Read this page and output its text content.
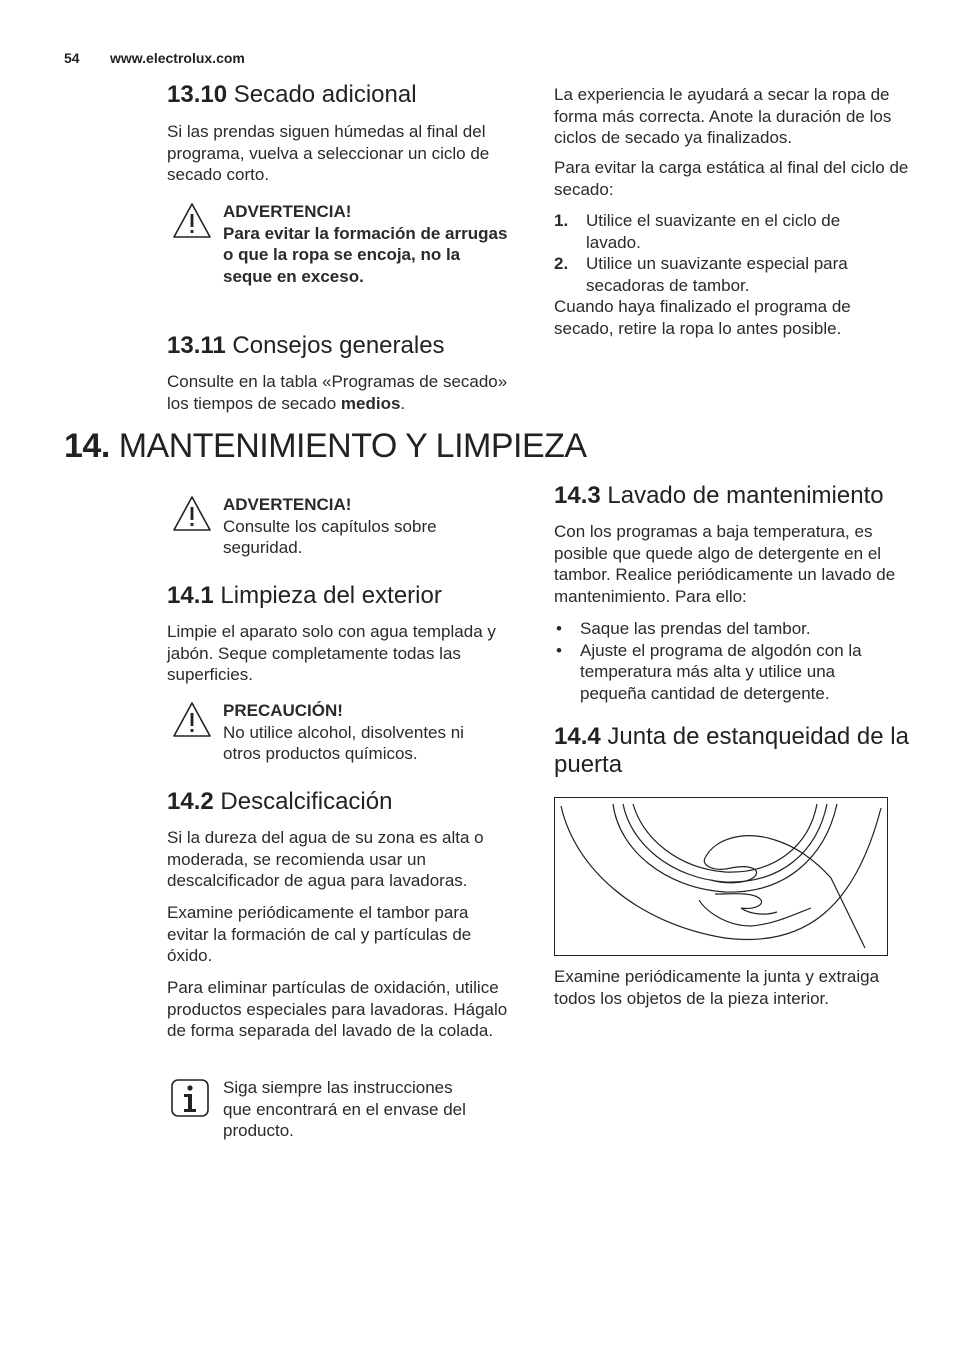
54 www.electrolux.com
13.10 Secado adicional

Si las prendas siguen húmedas al final del programa, vuelva a seleccionar un ciclo de secado corto.

ADVERTENCIA!
Para evitar la formación de arrugas o que la ropa se encoja, no la seque en exceso.
13.11 Consejos generales

Consulte en la tabla «Programas de secado» los tiempos de secado medios.

La experiencia le ayudará a secar la ropa de forma más correcta. Anote la duración de los ciclos de secado ya finalizados.

Para evitar la carga estática al final del ciclo de secado:

1. Utilice el suavizante en el ciclo de lavado.
2. Utilice un suavizante especial para secadoras de tambor.

Cuando haya finalizado el programa de secado, retire la ropa lo antes posible.

14. MANTENIMIENTO Y LIMPIEZA
ADVERTENCIA!
Consulte los capítulos sobre seguridad.
14.1 Limpieza del exterior

Limpie el aparato solo con agua templada y jabón. Seque completamente todas las superficies.

PRECAUCIÓN!
No utilice alcohol, disolventes ni otros productos químicos.
14.2 Descalcificación

Si la dureza del agua de su zona es alta o moderada, se recomienda usar un descalcificador de agua para lavadoras.

Examine periódicamente el tambor para evitar la formación de cal y partículas de óxido.

Para eliminar partículas de oxidación, utilice productos especiales para lavadoras. Hágalo de forma separada del lavado de la colada.

Siga siempre las instrucciones que encontrará en el envase del producto.

14.3 Lavado de mantenimiento

Con los programas a baja temperatura, es posible que quede algo de detergente en el tambor. Realice periódicamente un lavado de mantenimiento. Para ello:

• Saque las prendas del tambor.
• Ajuste el programa de algodón con la temperatura más alta y utilice una pequeña cantidad de detergente.
14.4 Junta de estanqueidad de la puerta

Examine periódicamente la junta y extraiga todos los objetos de la pieza interior.
